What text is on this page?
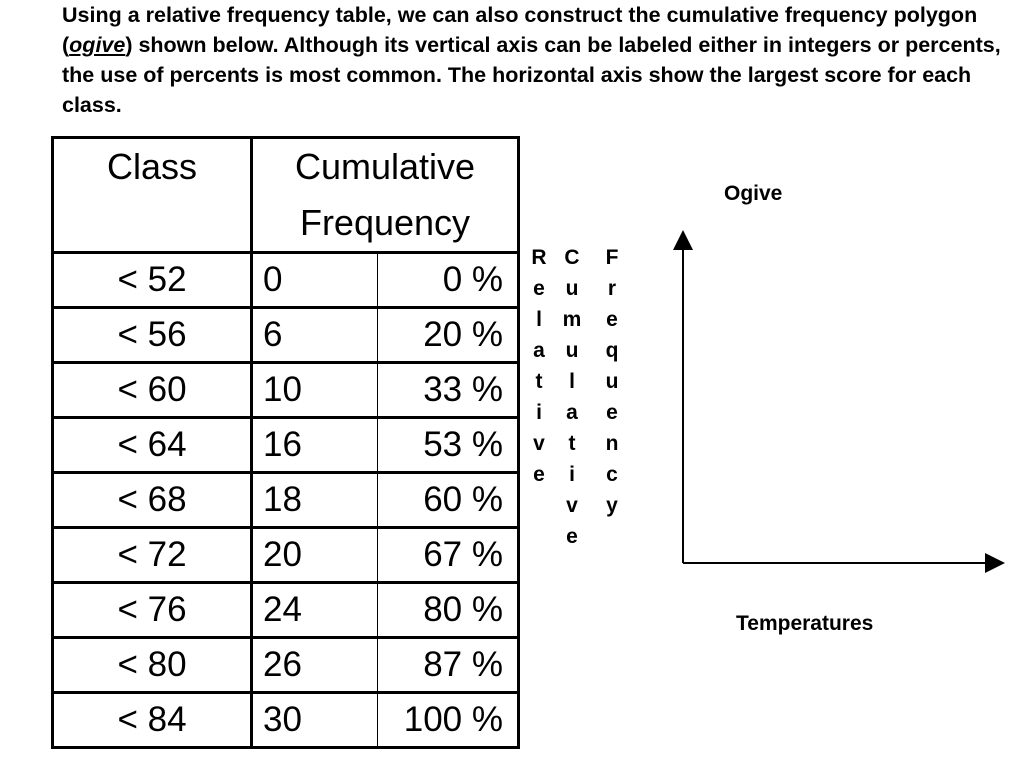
Using a relative frequency table, we can also construct the cumulative frequency polygon (ogive) shown below. Although its vertical axis can be labeled either in integers or percents, the use of percents is most common. The horizontal axis show the largest score for each class.

Class	Cumulative
Frequency	
< 52	0	0 %
< 56	6	20 %
< 60	10	33 %
< 64	16	53 %
< 68	18	60 %
< 72	20	67 %
< 76	24	80 %
< 80	26	87 %
< 84	30	100 %
R
e
l
a
t
i
v
e
C
u
m
u
l
a
t
i
v
e
F
r
e
q
u
e
n
c
y
Ogive
Temperatures
